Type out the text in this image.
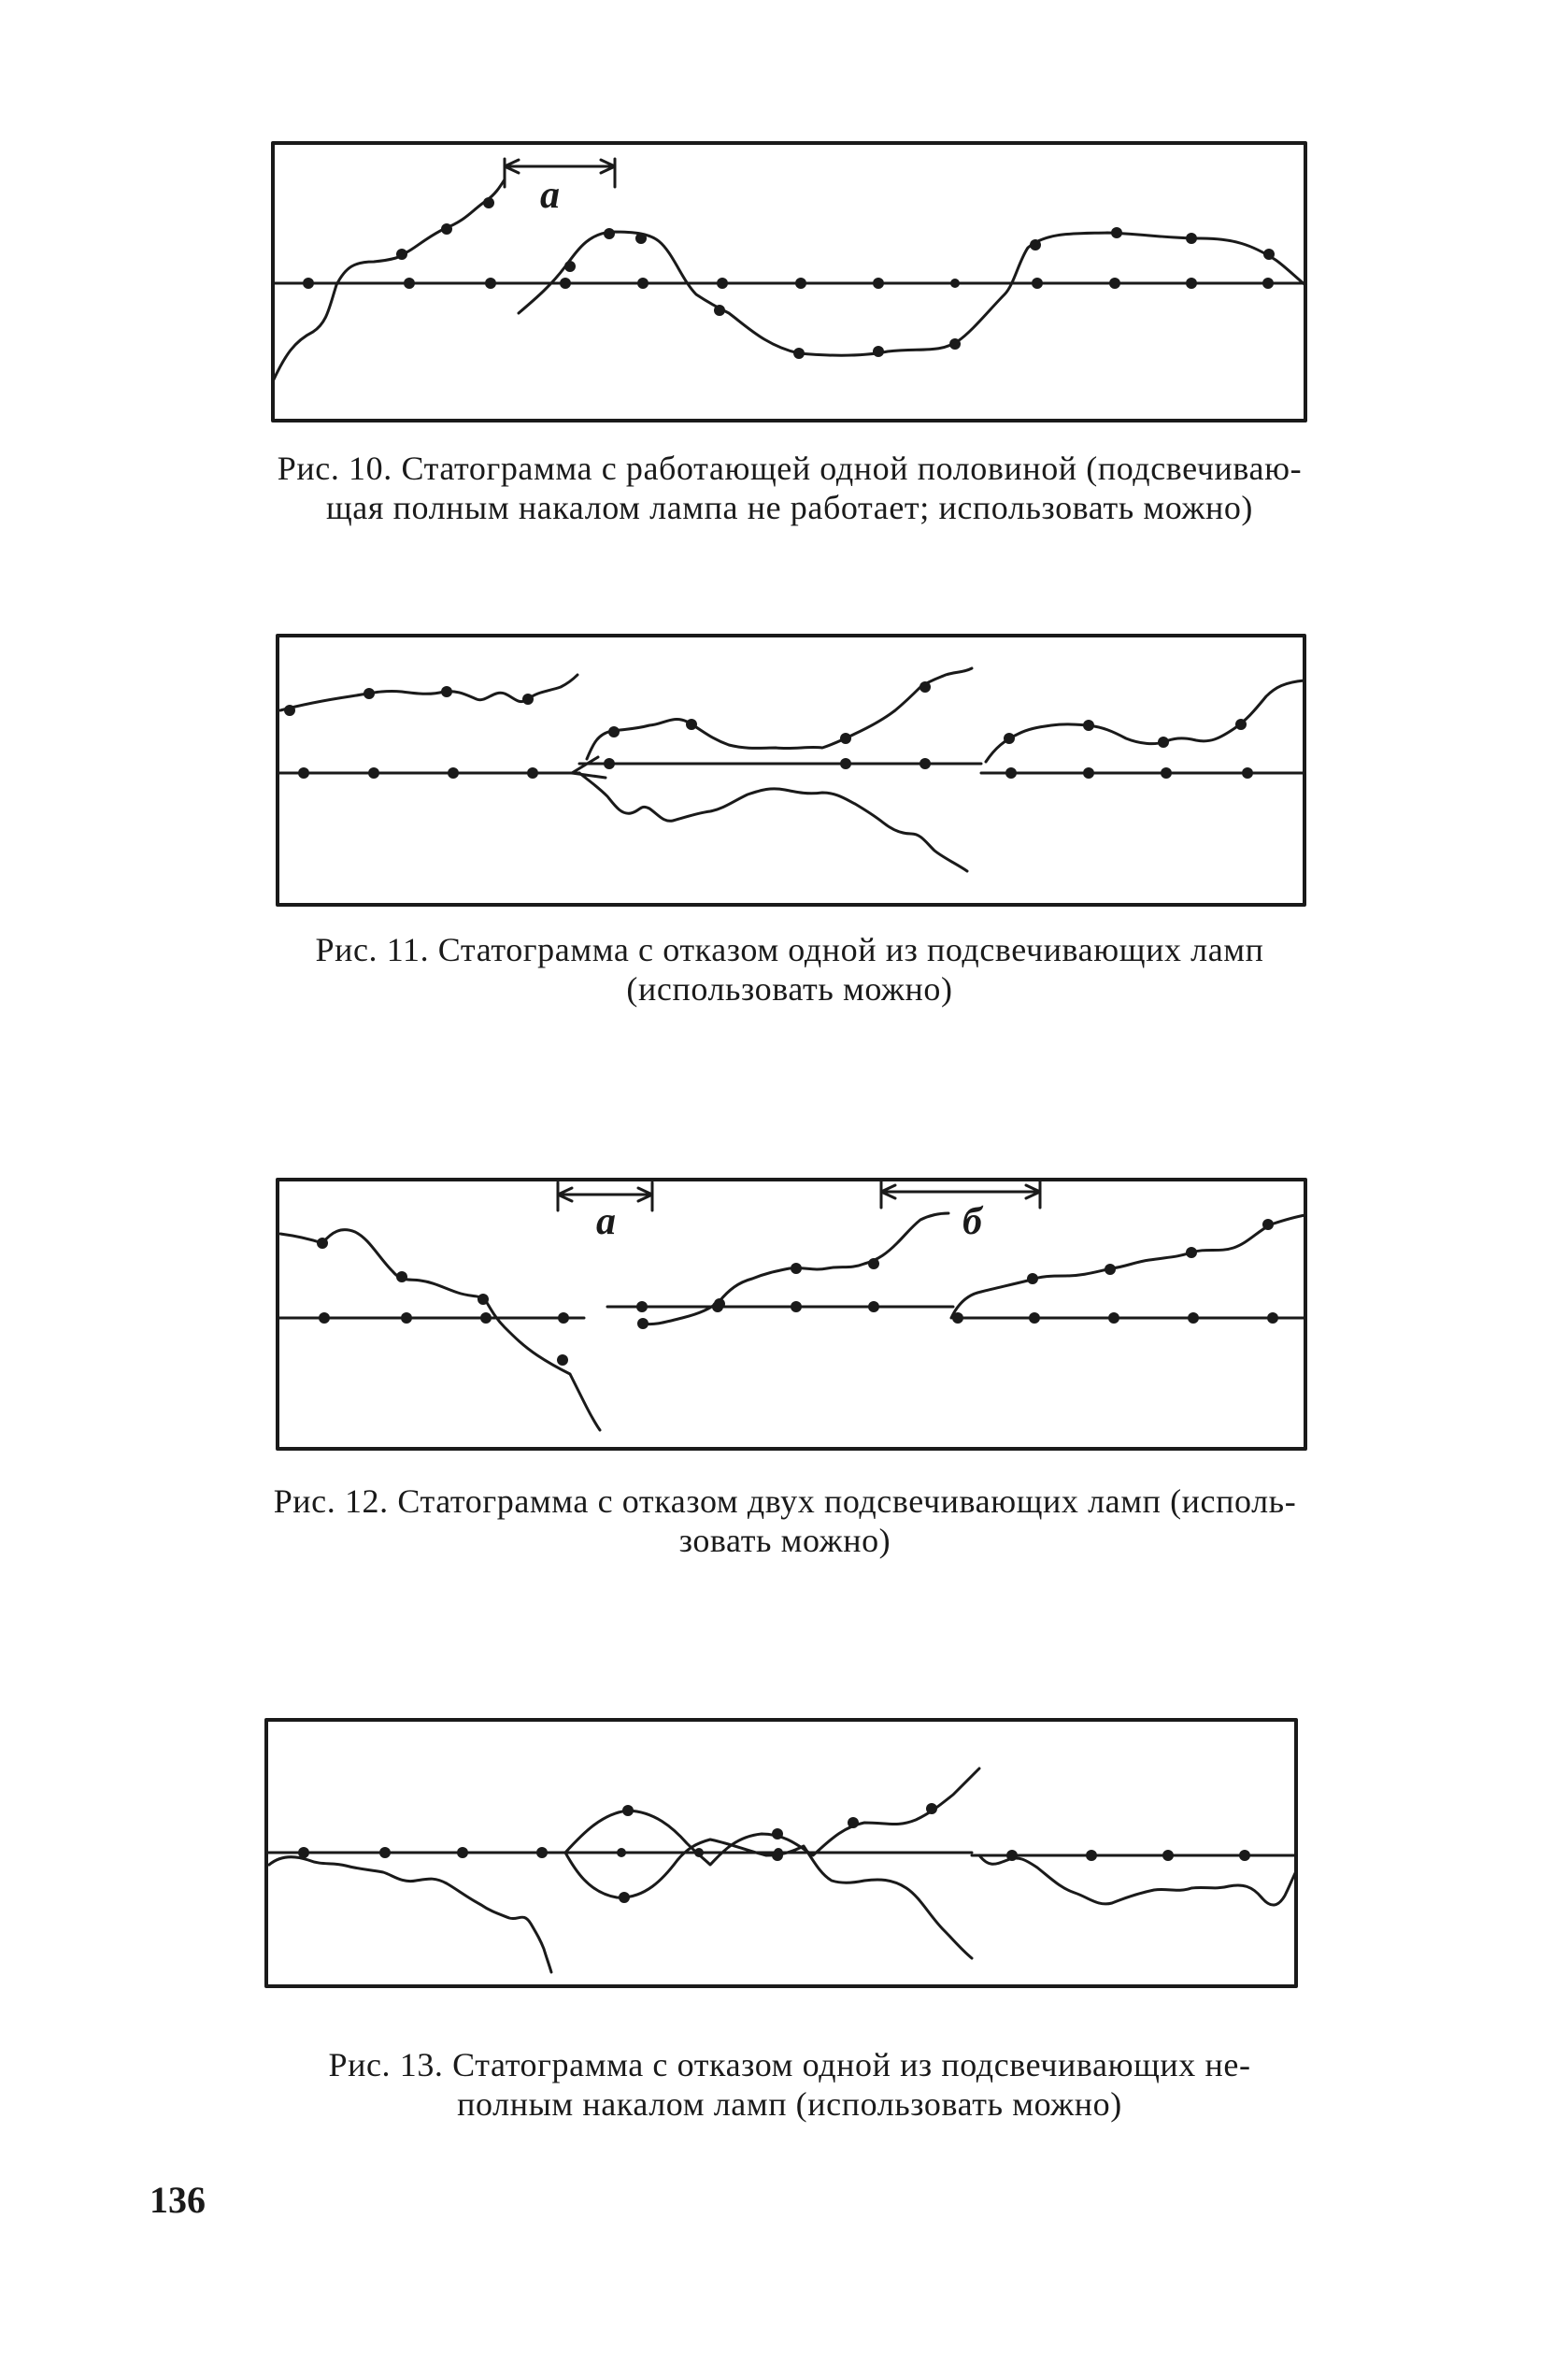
а
а	б

Рис. 10. Статограмма с работающей одной половиной (подсвечиваю-
щая полным накалом лампа не работает; использовать можно)

Рис. 11. Статограмма с отказом одной из подсвечивающих ламп
(использовать можно)

Рис. 12. Статограмма с отказом двух подсвечивающих ламп (исполь-
зовать можно)

Рис. 13. Статограмма с отказом одной из подсвечивающих не-
полным накалом ламп (использовать можно)

136
